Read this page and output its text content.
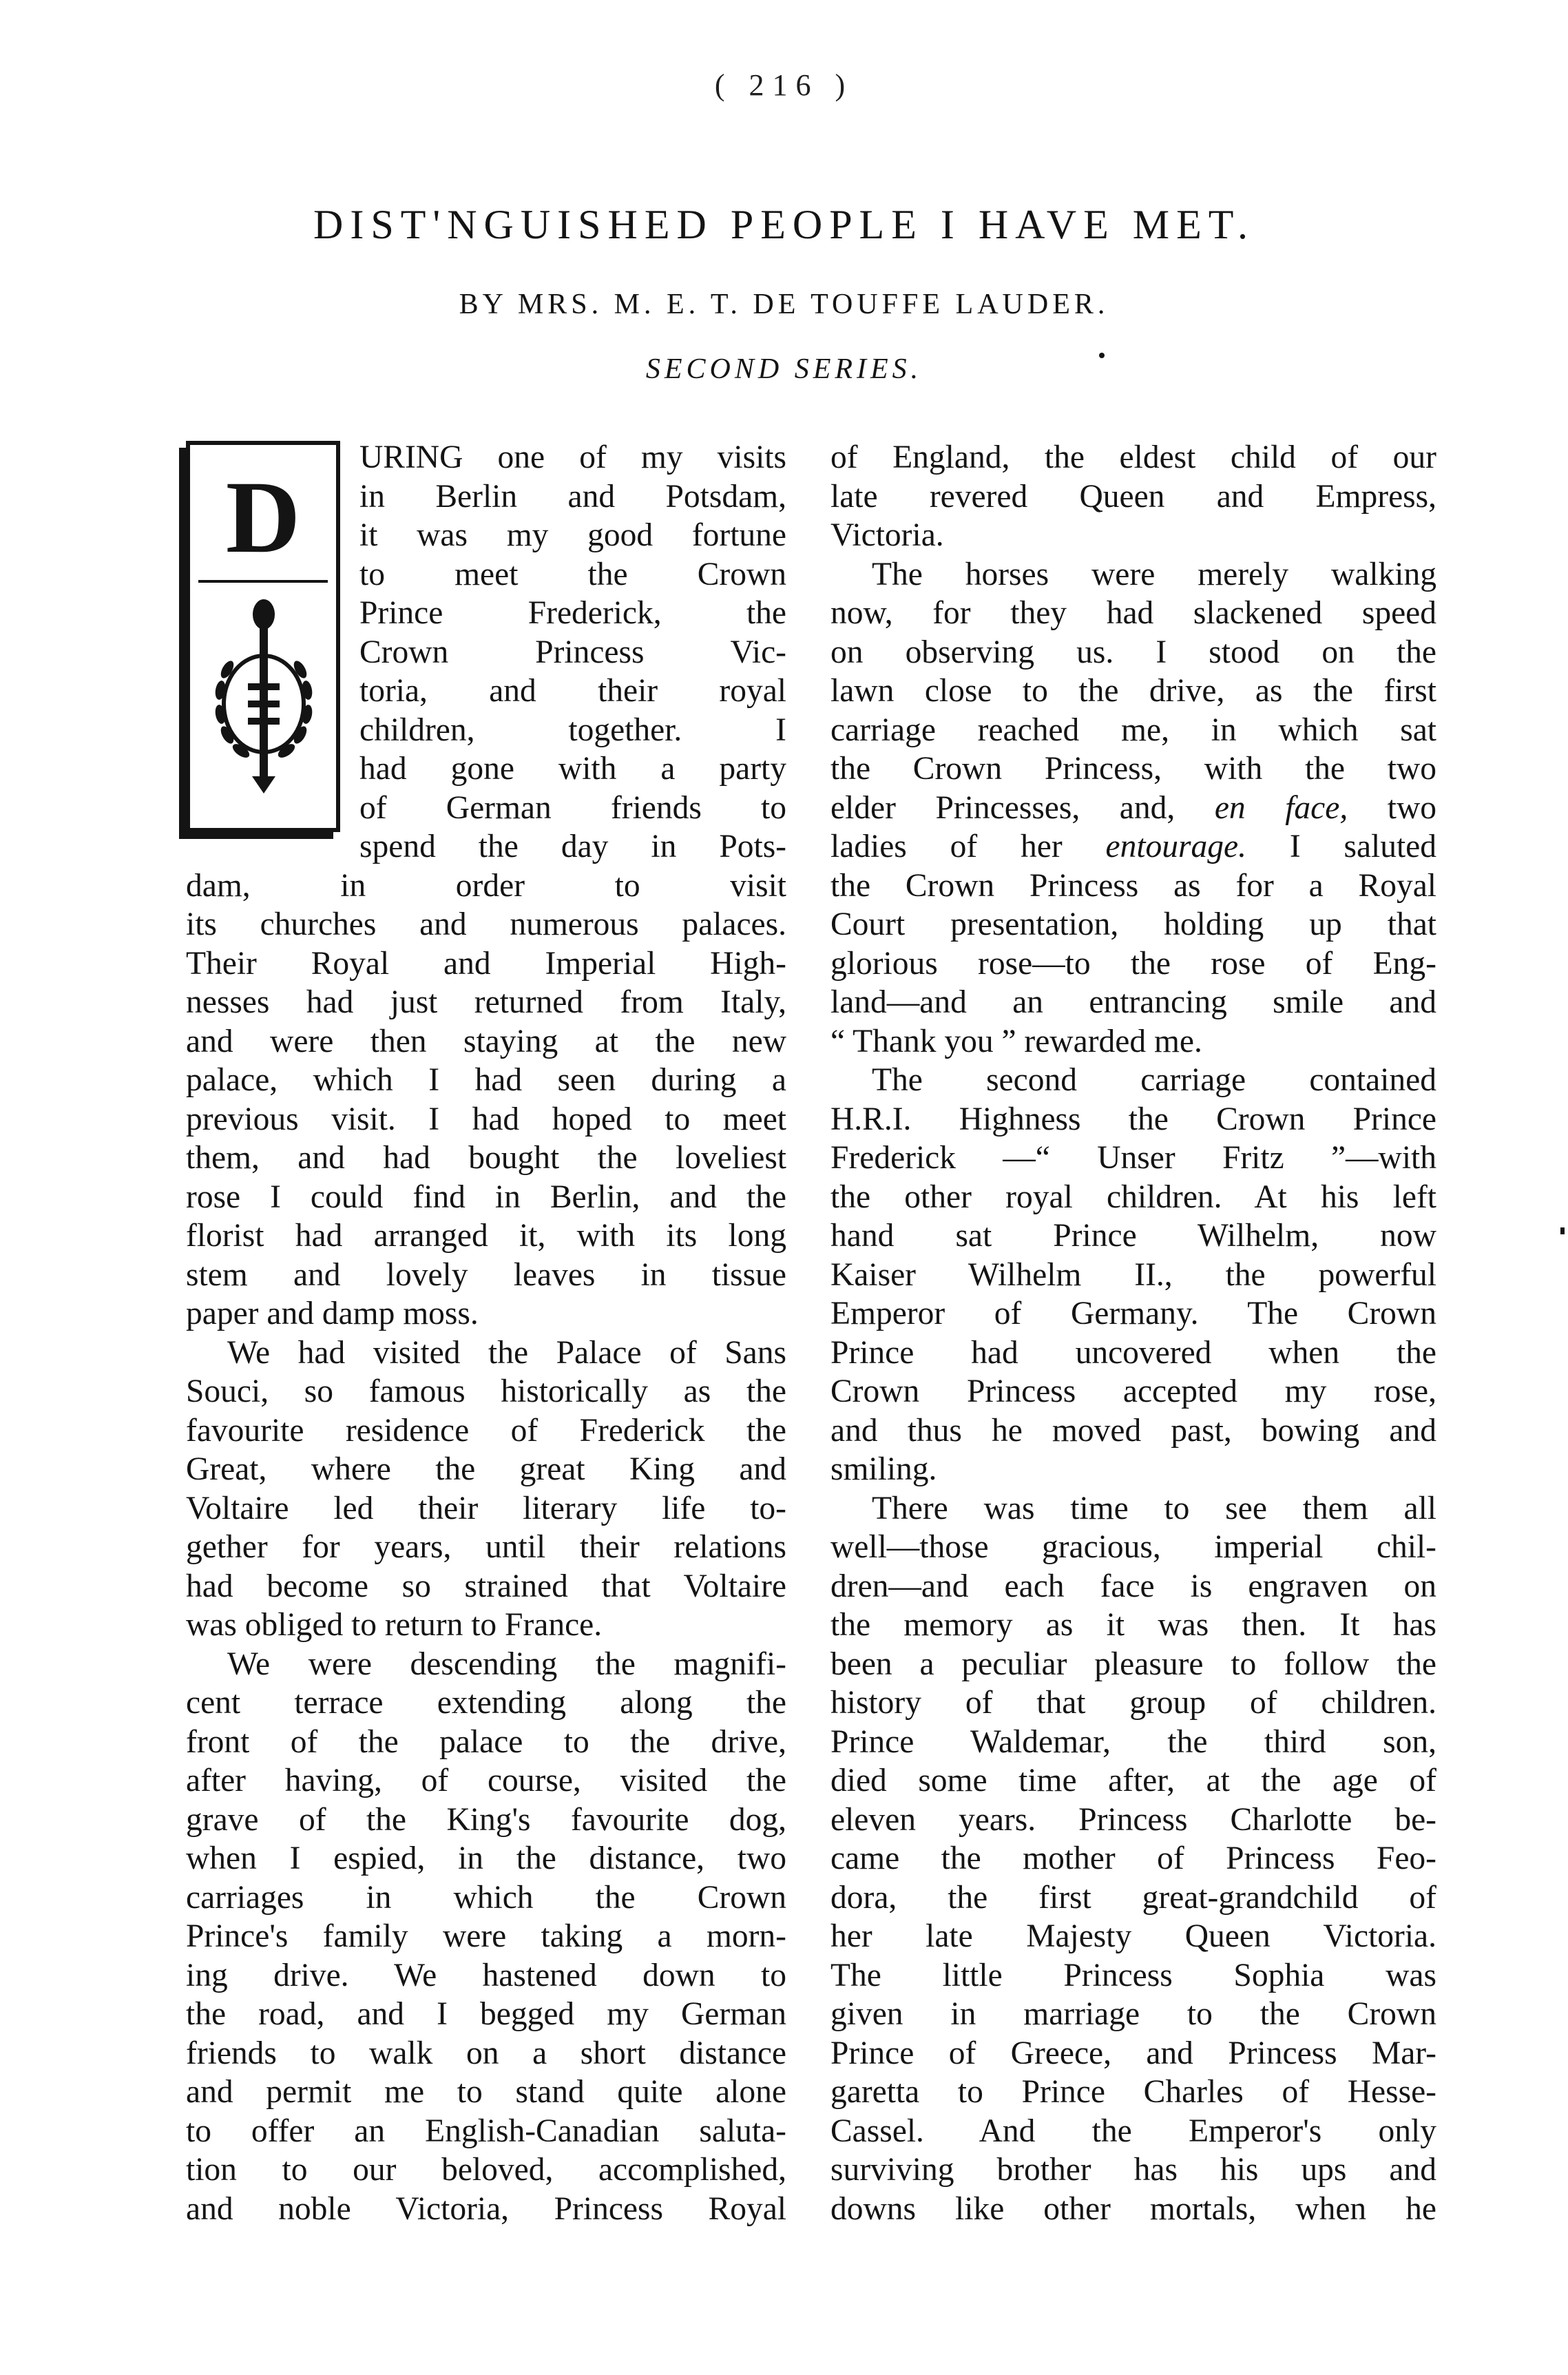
( 216 )
DIST'NGUISHED PEOPLE I HAVE MET.
BY MRS. M. E. T. DE TOUFFE LAUDER.
SECOND SERIES.
D
URING one of my visits
in Berlin and Potsdam,
it was my good fortune
to meet the Crown
Prince Frederick, the
Crown Princess Vic-
toria, and their royal
children, together. I
had gone with a party
of German friends to
spend the day in Pots-
dam, in order to visit
its churches and numerous palaces.
Their Royal and Imperial High-
nesses had just returned from Italy,
and were then staying at the new
palace, which I had seen during a
previous visit. I had hoped to meet
them, and had bought the loveliest
rose I could find in Berlin, and the
florist had arranged it, with its long
stem and lovely leaves in tissue
paper and damp moss.
We had visited the Palace of Sans
Souci, so famous historically as the
favourite residence of Frederick the
Great, where the great King and
Voltaire led their literary life to-
gether for years, until their relations
had become so strained that Voltaire
was obliged to return to France.
We were descending the magnifi-
cent terrace extending along the
front of the palace to the drive,
after having, of course, visited the
grave of the King's favourite dog,
when I espied, in the distance, two
carriages in which the Crown
Prince's family were taking a morn-
ing drive. We hastened down to
the road, and I begged my German
friends to walk on a short distance
and permit me to stand quite alone
to offer an English-Canadian saluta-
tion to our beloved, accomplished,
and noble Victoria, Princess Royal
of England, the eldest child of our
late revered Queen and Empress,
Victoria.
The horses were merely walking
now, for they had slackened speed
on observing us. I stood on the
lawn close to the drive, as the first
carriage reached me, in which sat
the Crown Princess, with the two
elder Princesses, and, en face, two
ladies of her entourage. I saluted
the Crown Princess as for a Royal
Court presentation, holding up that
glorious rose—to the rose of Eng-
land—and an entrancing smile and
“ Thank you ” rewarded me.
The second carriage contained
H.R.I. Highness the Crown Prince
Frederick —“ Unser Fritz ”—with
the other royal children. At his left
hand sat Prince Wilhelm, now
Kaiser Wilhelm II., the powerful
Emperor of Germany. The Crown
Prince had uncovered when the
Crown Princess accepted my rose,
and thus he moved past, bowing and
smiling.
There was time to see them all
well—those gracious, imperial chil-
dren—and each face is engraven on
the memory as it was then. It has
been a peculiar pleasure to follow the
history of that group of children.
Prince Waldemar, the third son,
died some time after, at the age of
eleven years. Princess Charlotte be-
came the mother of Princess Feo-
dora, the first great-grandchild of
her late Majesty Queen Victoria.
The little Princess Sophia was
given in marriage to the Crown
Prince of Greece, and Princess Mar-
garetta to Prince Charles of Hesse-
Cassel. And the Emperor's only
surviving brother has his ups and
downs like other mortals, when he
